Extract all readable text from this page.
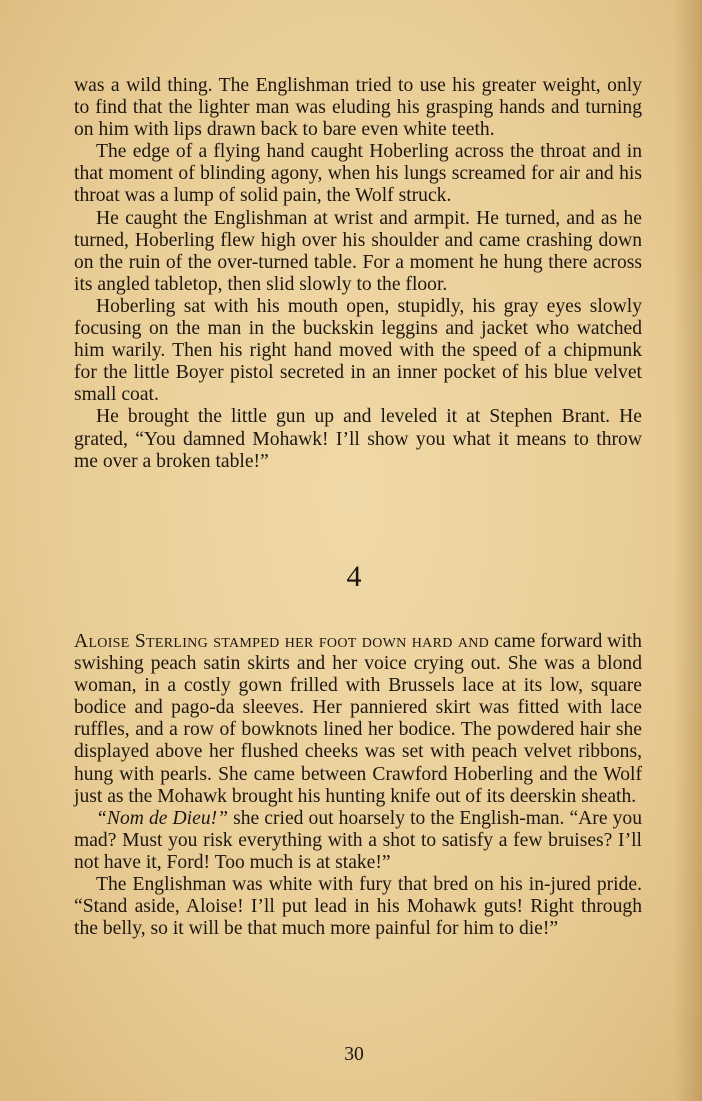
was a wild thing. The Englishman tried to use his greater weight, only to find that the lighter man was eluding his grasping hands and turning on him with lips drawn back to bare even white teeth.

The edge of a flying hand caught Hoberling across the throat and in that moment of blinding agony, when his lungs screamed for air and his throat was a lump of solid pain, the Wolf struck.

He caught the Englishman at wrist and armpit. He turned, and as he turned, Hoberling flew high over his shoulder and came crashing down on the ruin of the over-turned table. For a moment he hung there across its angled tabletop, then slid slowly to the floor.

Hoberling sat with his mouth open, stupidly, his gray eyes slowly focusing on the man in the buckskin leggins and jacket who watched him warily. Then his right hand moved with the speed of a chipmunk for the little Boyer pistol secreted in an inner pocket of his blue velvet small coat.

He brought the little gun up and leveled it at Stephen Brant. He grated, “You damned Mohawk! I’ll show you what it means to throw me over a broken table!”

4

Aloise Sterling stamped her foot down hard and came forward with swishing peach satin skirts and her voice crying out. She was a blond woman, in a costly gown frilled with Brussels lace at its low, square bodice and pago-da sleeves. Her panniered skirt was fitted with lace ruffles, and a row of bowknots lined her bodice. The powdered hair she displayed above her flushed cheeks was set with peach velvet ribbons, hung with pearls. She came between Crawford Hoberling and the Wolf just as the Mohawk brought his hunting knife out of its deerskin sheath.

“Nom de Dieu!” she cried out hoarsely to the English-man. “Are you mad? Must you risk everything with a shot to satisfy a few bruises? I’ll not have it, Ford! Too much is at stake!”

The Englishman was white with fury that bred on his in-jured pride. “Stand aside, Aloise! I’ll put lead in his Mohawk guts! Right through the belly, so it will be that much more painful for him to die!”

30
